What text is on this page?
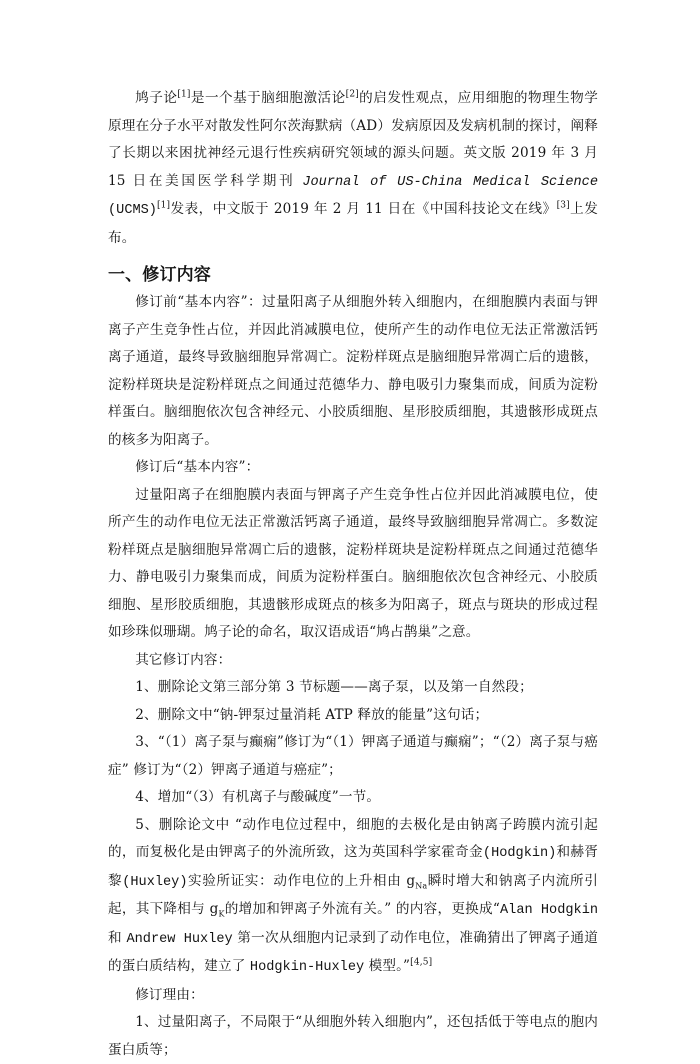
鸠子论[1]是一个基于脑细胞激活论[2]的启发性观点，应用细胞的物理生物学原理在分子水平对散发性阿尔茨海默病（AD）发病原因及发病机制的探讨，阐释了长期以来困扰神经元退行性疾病研究领域的源头问题。英文版 2019 年 3 月 15 日在美国医学科学期刊 Journal of US-China Medical Science (UCMS)[1]发表，中文版于 2019 年 2 月 11 日在《中国科技论文在线》[3]上发布。

一、修订内容

修订前“基本内容”：过量阳离子从细胞外转入细胞内，在细胞膜内表面与钾离子产生竞争性占位，并因此消减膜电位，使所产生的动作电位无法正常激活钙离子通道，最终导致脑细胞异常凋亡。淀粉样斑点是脑细胞异常凋亡后的遗骸，淀粉样斑块是淀粉样斑点之间通过范德华力、静电吸引力聚集而成，间质为淀粉样蛋白。脑细胞依次包含神经元、小胶质细胞、星形胶质细胞，其遗骸形成斑点的核多为阳离子。

修订后“基本内容”：

过量阳离子在细胞膜内表面与钾离子产生竞争性占位并因此消减膜电位，使所产生的动作电位无法正常激活钙离子通道，最终导致脑细胞异常凋亡。多数淀粉样斑点是脑细胞异常凋亡后的遗骸，淀粉样斑块是淀粉样斑点之间通过范德华力、静电吸引力聚集而成，间质为淀粉样蛋白。脑细胞依次包含神经元、小胶质细胞、星形胶质细胞，其遗骸形成斑点的核多为阳离子，斑点与斑块的形成过程如珍珠似珊瑚。鸠子论的命名，取汉语成语“鸠占鹊巢”之意。

其它修订内容：

1、删除论文第三部分第 3 节标题——离子泵，以及第一自然段；

2、删除文中“钠-钾泵过量消耗 ATP 释放的能量”这句话；

3、“（1）离子泵与癫痫”修订为“（1）钾离子通道与癫痫”；“（2）离子泵与癌症” 修订为“（2）钾离子通道与癌症”；

4、增加“（3）有机离子与酸碱度”一节。

5、删除论文中 “动作电位过程中，细胞的去极化是由钠离子跨膜内流引起的，而复极化是由钾离子的外流所致，这为英国科学家霍奇金(Hodgkin)和赫胥黎(Huxley)实验所证实：动作电位的上升相由 $g_{Na}$瞬时增大和钠离子内流所引起，其下降相与 $g_K$的增加和钾离子外流有关。” 的内容，更换成“Alan Hodgkin 和 Andrew Huxley 第一次从细胞内记录到了动作电位，准确猜出了钾离子通道的蛋白质结构，建立了 Hodgkin-Huxley 模型。”[4,5]

修订理由：

1、过量阳离子，不局限于“从细胞外转入细胞内”，还包括低于等电点的胞内蛋白质等；
